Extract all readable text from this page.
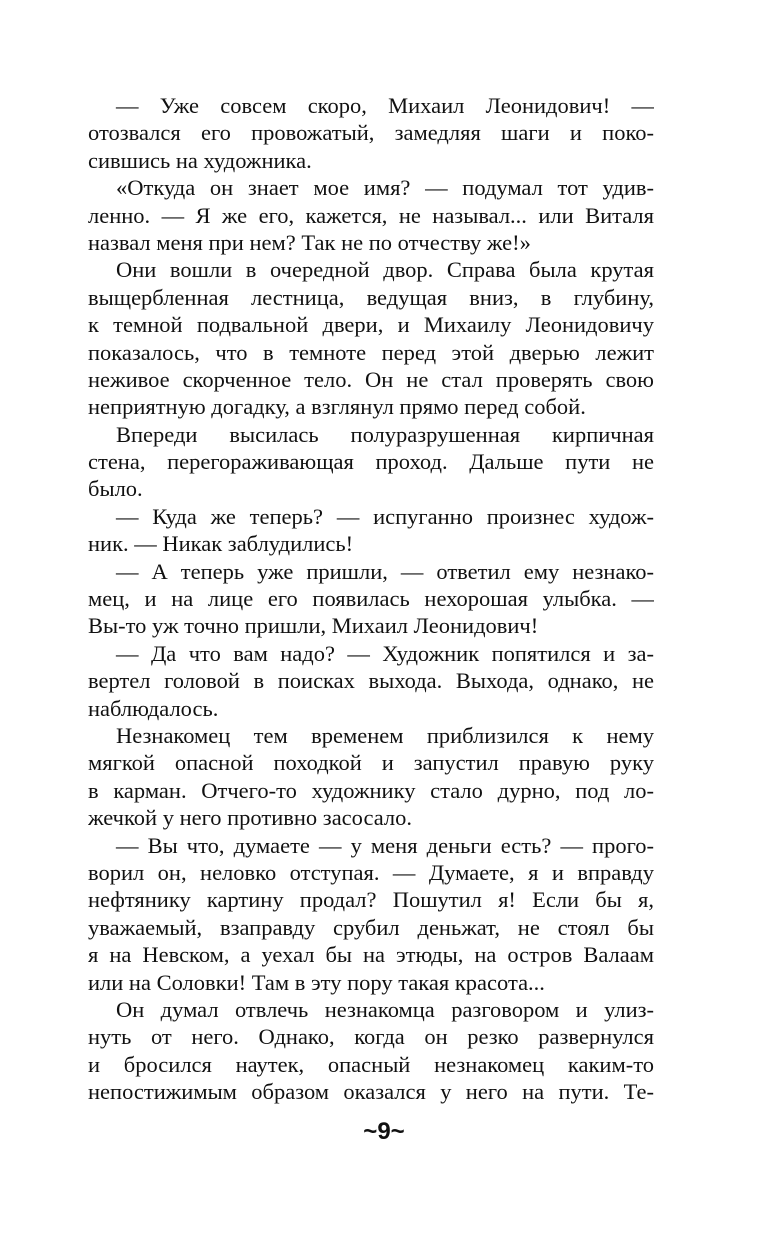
— Уже совсем скоро, Михаил Леонидович! —
отозвался его провожатый, замедляя шаги и поко-
сившись на художника.
«Откуда он знает мое имя? — подумал тот удив-
ленно. — Я же его, кажется, не называл... или Виталя
назвал меня при нем? Так не по отчеству же!»
Они вошли в очередной двор. Справа была крутая
выщербленная лестница, ведущая вниз, в глубину,
к темной подвальной двери, и Михаилу Леонидовичу
показалось, что в темноте перед этой дверью лежит
неживое скорченное тело. Он не стал проверять свою
неприятную догадку, а взглянул прямо перед собой.
Впереди высилась полуразрушенная кирпичная
стена, перегораживающая проход. Дальше пути не
было.
— Куда же теперь? — испуганно произнес худож-
ник. — Никак заблудились!
— А теперь уже пришли, — ответил ему незнако-
мец, и на лице его появилась нехорошая улыбка. —
Вы-то уж точно пришли, Михаил Леонидович!
— Да что вам надо? — Художник попятился и за-
вертел головой в поисках выхода. Выхода, однако, не
наблюдалось.
Незнакомец тем временем приблизился к нему
мягкой опасной походкой и запустил правую руку
в карман. Отчего-то художнику стало дурно, под ло-
жечкой у него противно засосало.
— Вы что, думаете — у меня деньги есть? — прого-
ворил он, неловко отступая. — Думаете, я и вправду
нефтянику картину продал? Пошутил я! Если бы я,
уважаемый, взаправду срубил деньжат, не стоял бы
я на Невском, а уехал бы на этюды, на остров Валаам
или на Соловки! Там в эту пору такая красота...
Он думал отвлечь незнакомца разговором и улиз-
нуть от него. Однако, когда он резко развернулся
и бросился наутек, опасный незнакомец каким-то
непостижимым образом оказался у него на пути. Те-
~9~
